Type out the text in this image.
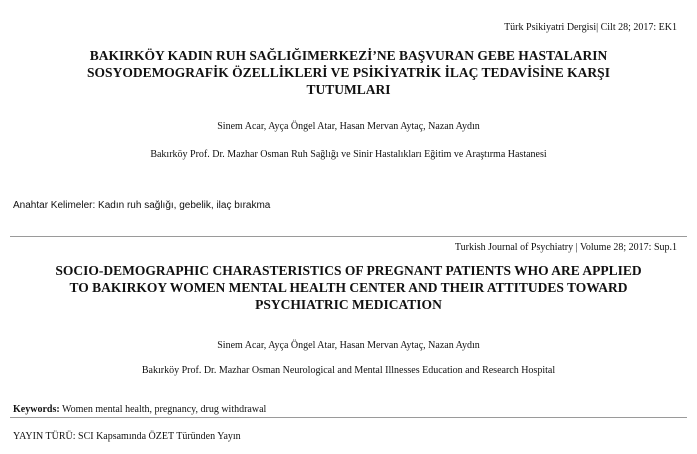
Türk Psikiyatri Dergisi| Cilt 28; 2017: EK1
BAKIRKÖY KADIN RUH SAĞLIĞIMERKEZİ’NE BAŞVURAN GEBE HASTALARIN
SOSYODEMOGRAFİK ÖZELLİKLERİ VE PSİKİYATRİK İLAÇ TEDAVİSİNE KARŞI
TUTUMLARI
Sinem Acar, Ayça Öngel Atar, Hasan Mervan Aytaç, Nazan Aydın
Bakırköy Prof. Dr. Mazhar Osman Ruh Sağlığı ve Sinir Hastalıkları Eğitim ve Araştırma Hastanesi
Anahtar Kelimeler: Kadın ruh sağlığı, gebelik, ilaç bırakma
Turkish Journal of Psychiatry | Volume 28; 2017: Sup.1
SOCIO-DEMOGRAPHIC CHARASTERISTICS OF PREGNANT PATIENTS WHO ARE APPLIED
TO BAKIRKOY WOMEN MENTAL HEALTH CENTER AND THEIR ATTITUDES TOWARD
PSYCHIATRIC MEDICATION
Sinem Acar, Ayça Öngel Atar, Hasan Mervan Aytaç, Nazan Aydın
Bakırköy Prof. Dr. Mazhar Osman Neurological and Mental Illnesses Education and Research Hospital
Keywords: Women mental health, pregnancy, drug withdrawal
YAYIN TÜRÜ: SCI Kapsamında ÖZET Türünden Yayın
